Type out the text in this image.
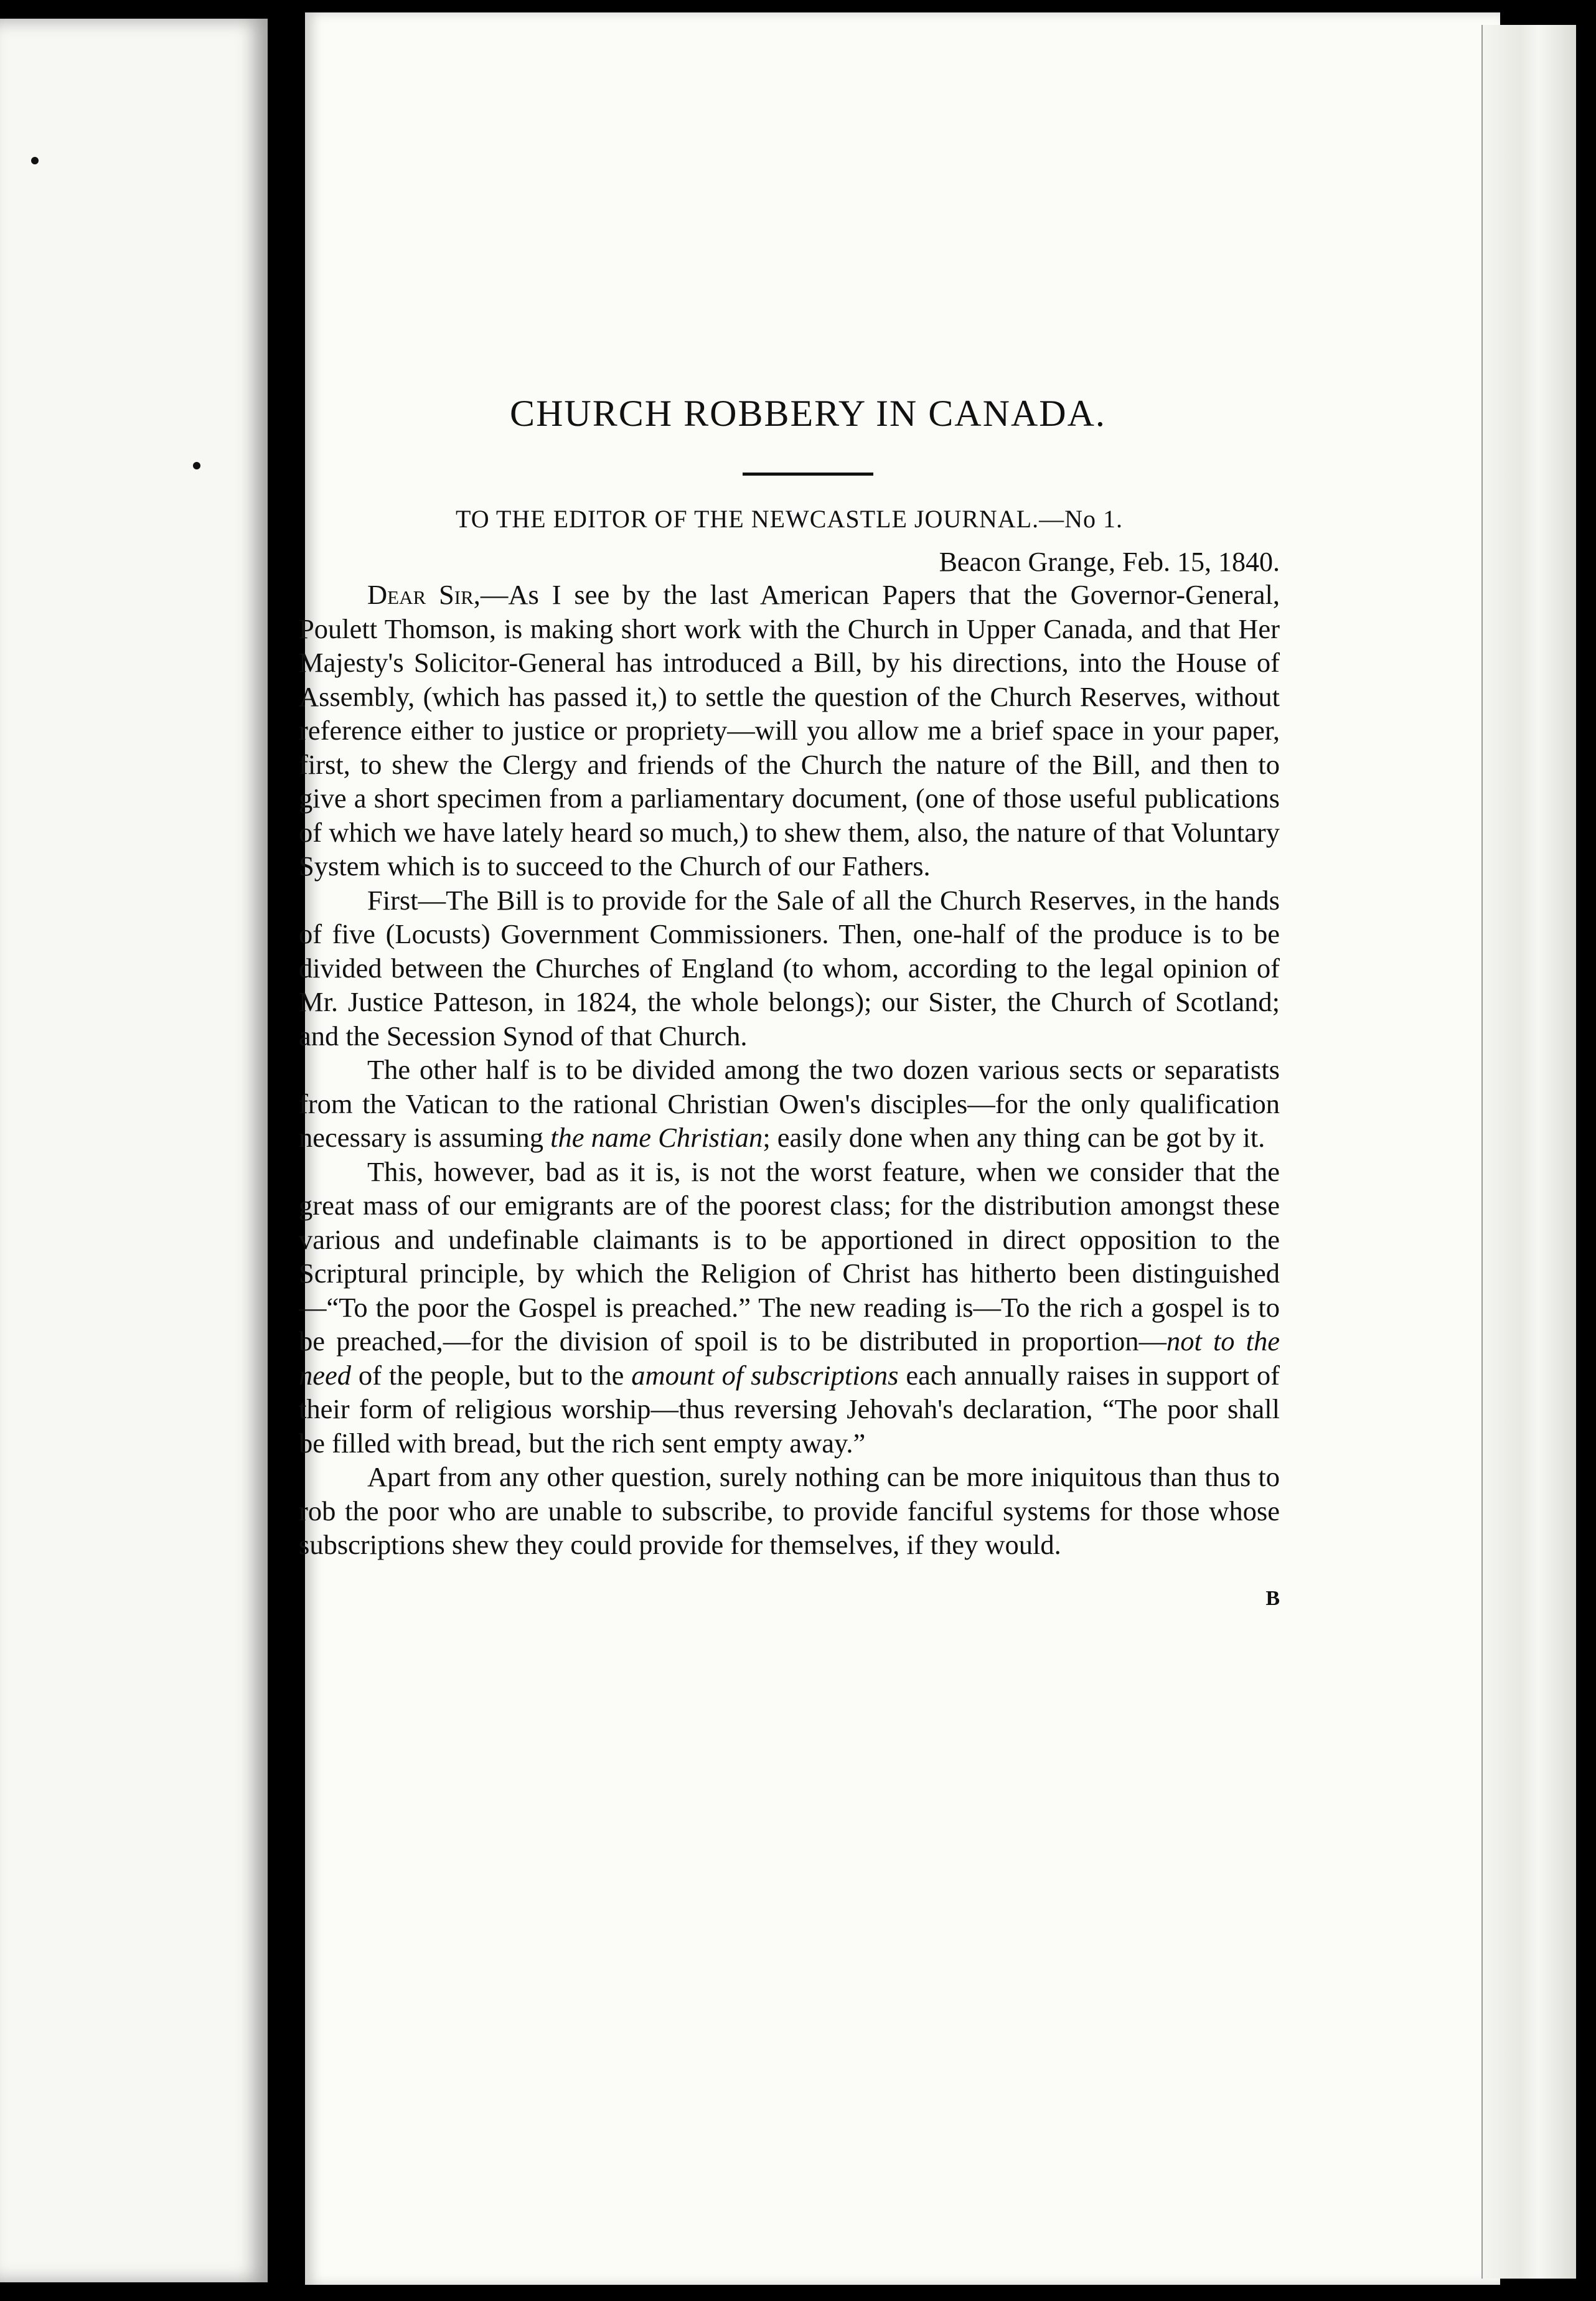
CHURCH ROBBERY IN CANADA.
TO THE EDITOR OF THE NEWCASTLE JOURNAL.—No 1.

Beacon Grange, Feb. 15, 1840.

Dear Sir,—As I see by the last American Papers that the Governor-General, Poulett Thomson, is making short work with the Church in Upper Canada, and that Her Majesty's Solicitor-General has introduced a Bill, by his directions, into the House of Assembly, (which has passed it,) to settle the question of the Church Reserves, without reference either to justice or propriety—will you allow me a brief space in your paper, first, to shew the Clergy and friends of the Church the nature of the Bill, and then to give a short specimen from a parliamentary document, (one of those useful publications of which we have lately heard so much,) to shew them, also, the nature of that Voluntary System which is to succeed to the Church of our Fathers.

First—The Bill is to provide for the Sale of all the Church Reserves, in the hands of five (Locusts) Government Commissioners. Then, one-half of the produce is to be divided between the Churches of England (to whom, according to the legal opinion of Mr. Justice Patteson, in 1824, the whole belongs); our Sister, the Church of Scotland; and the Secession Synod of that Church.

The other half is to be divided among the two dozen various sects or separatists from the Vatican to the rational Christian Owen's disciples—for the only qualification necessary is assuming the name Christian; easily done when any thing can be got by it.

This, however, bad as it is, is not the worst feature, when we consider that the great mass of our emigrants are of the poorest class; for the distribution amongst these various and undefinable claimants is to be apportioned in direct opposition to the Scriptural principle, by which the Religion of Christ has hitherto been distinguished—“To the poor the Gospel is preached.” The new reading is—To the rich a gospel is to be preached,—for the division of spoil is to be distributed in proportion—not to the need of the people, but to the amount of subscriptions each annually raises in support of their form of religious worship—thus reversing Jehovah's declaration, “The poor shall be filled with bread, but the rich sent empty away.”

Apart from any other question, surely nothing can be more iniquitous than thus to rob the poor who are unable to subscribe, to provide fanciful systems for those whose subscriptions shew they could provide for themselves, if they would.

B
